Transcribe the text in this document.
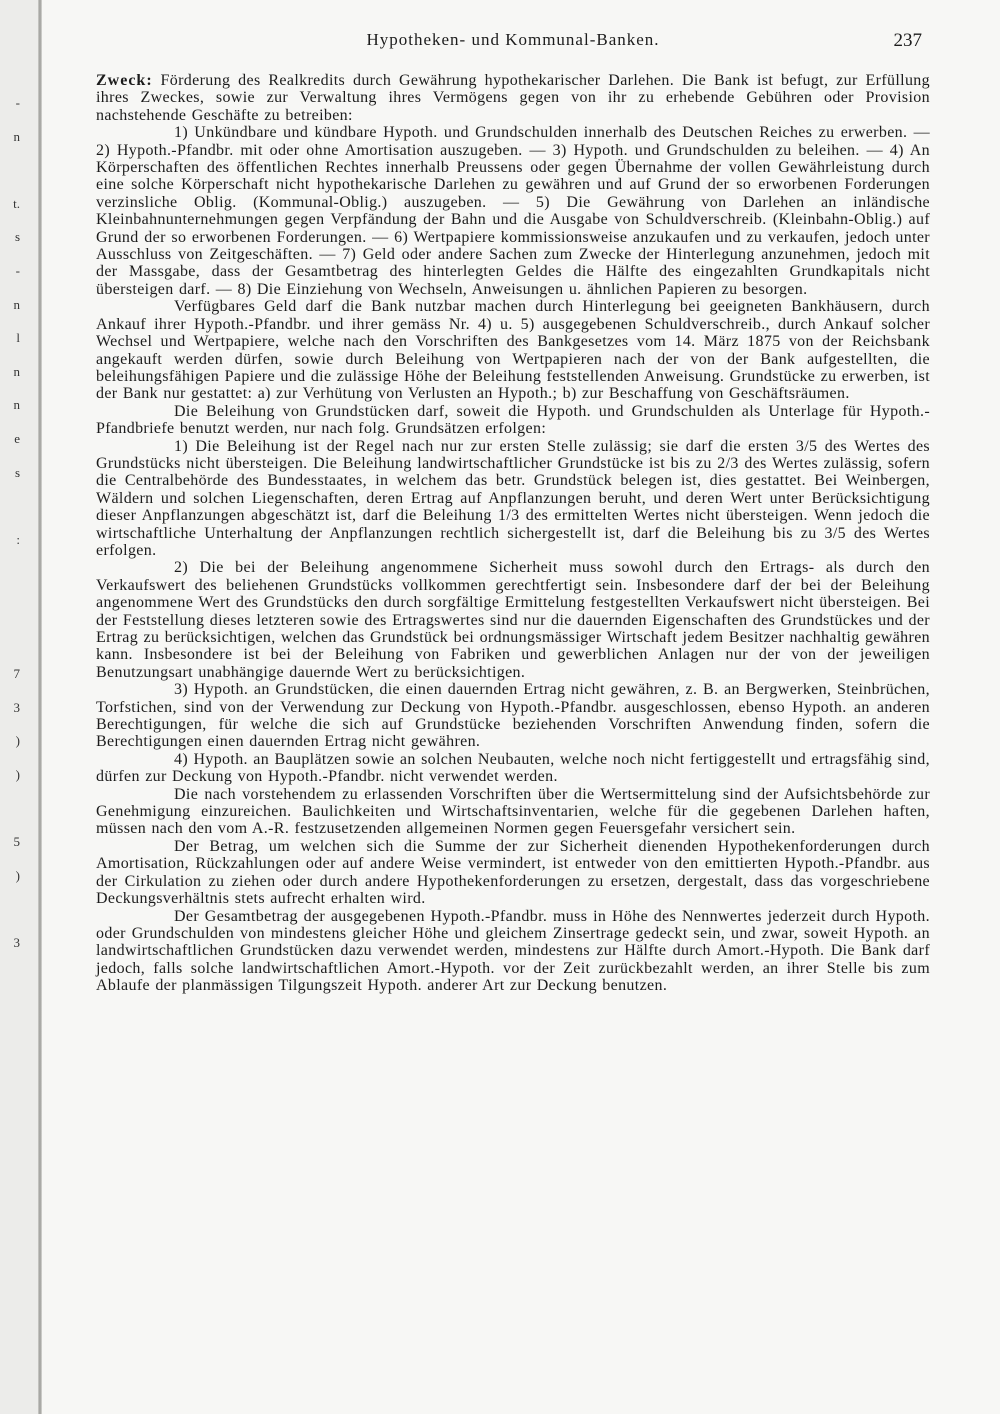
-
n
t.
s
-
n
l
n
n
e
s
:
7
3
)
)
5
)
3
Hypotheken- und Kommunal-Banken.	237

Zweck: Förderung des Realkredits durch Gewährung hypothekarischer Darlehen. Die Bank ist befugt, zur Erfüllung ihres Zweckes, sowie zur Verwaltung ihres Vermögens gegen von ihr zu erhebende Gebühren oder Provision nachstehende Geschäfte zu betreiben:

1) Unkündbare und kündbare Hypoth. und Grundschulden innerhalb des Deutschen Reiches zu erwerben. — 2) Hypoth.-Pfandbr. mit oder ohne Amortisation auszugeben. — 3) Hypoth. und Grundschulden zu beleihen. — 4) An Körperschaften des öffentlichen Rechtes innerhalb Preussens oder gegen Übernahme der vollen Gewährleistung durch eine solche Körperschaft nicht hypothekarische Darlehen zu gewähren und auf Grund der so erworbenen Forderungen verzinsliche Oblig. (Kommunal-Oblig.) auszugeben. — 5) Die Gewährung von Darlehen an inländische Kleinbahnunternehmungen gegen Verpfändung der Bahn und die Ausgabe von Schuldverschreib. (Kleinbahn-Oblig.) auf Grund der so erworbenen Forderungen. — 6) Wertpapiere kommissionsweise anzukaufen und zu verkaufen, jedoch unter Ausschluss von Zeitgeschäften. — 7) Geld oder andere Sachen zum Zwecke der Hinterlegung anzunehmen, jedoch mit der Massgabe, dass der Gesamtbetrag des hinterlegten Geldes die Hälfte des eingezahlten Grundkapitals nicht übersteigen darf. — 8) Die Einziehung von Wechseln, Anweisungen u. ähnlichen Papieren zu besorgen.

Verfügbares Geld darf die Bank nutzbar machen durch Hinterlegung bei geeigneten Bankhäusern, durch Ankauf ihrer Hypoth.-Pfandbr. und ihrer gemäss Nr. 4) u. 5) ausgegebenen Schuldverschreib., durch Ankauf solcher Wechsel und Wertpapiere, welche nach den Vorschriften des Bankgesetzes vom 14. März 1875 von der Reichsbank angekauft werden dürfen, sowie durch Beleihung von Wertpapieren nach der von der Bank aufgestellten, die beleihungsfähigen Papiere und die zulässige Höhe der Beleihung feststellenden Anweisung. Grundstücke zu erwerben, ist der Bank nur gestattet: a) zur Verhütung von Verlusten an Hypoth.; b) zur Beschaffung von Geschäftsräumen.

Die Beleihung von Grundstücken darf, soweit die Hypoth. und Grundschulden als Unterlage für Hypoth.-Pfandbriefe benutzt werden, nur nach folg. Grundsätzen erfolgen:

1) Die Beleihung ist der Regel nach nur zur ersten Stelle zulässig; sie darf die ersten 3/5 des Wertes des Grundstücks nicht übersteigen. Die Beleihung landwirtschaftlicher Grundstücke ist bis zu 2/3 des Wertes zulässig, sofern die Centralbehörde des Bundesstaates, in welchem das betr. Grundstück belegen ist, dies gestattet. Bei Weinbergen, Wäldern und solchen Liegenschaften, deren Ertrag auf Anpflanzungen beruht, und deren Wert unter Berücksichtigung dieser Anpflanzungen abgeschätzt ist, darf die Beleihung 1/3 des ermittelten Wertes nicht übersteigen. Wenn jedoch die wirtschaftliche Unterhaltung der Anpflanzungen rechtlich sichergestellt ist, darf die Beleihung bis zu 3/5 des Wertes erfolgen.

2) Die bei der Beleihung angenommene Sicherheit muss sowohl durch den Ertrags- als durch den Verkaufswert des beliehenen Grundstücks vollkommen gerechtfertigt sein. Insbesondere darf der bei der Beleihung angenommene Wert des Grundstücks den durch sorgfältige Ermittelung festgestellten Verkaufswert nicht übersteigen. Bei der Feststellung dieses letzteren sowie des Ertragswertes sind nur die dauernden Eigenschaften des Grundstückes und der Ertrag zu berücksichtigen, welchen das Grundstück bei ordnungsmässiger Wirtschaft jedem Besitzer nachhaltig gewähren kann. Insbesondere ist bei der Beleihung von Fabriken und gewerblichen Anlagen nur der von der jeweiligen Benutzungsart unabhängige dauernde Wert zu berücksichtigen.

3) Hypoth. an Grundstücken, die einen dauernden Ertrag nicht gewähren, z. B. an Bergwerken, Steinbrüchen, Torfstichen, sind von der Verwendung zur Deckung von Hypoth.-Pfandbr. ausgeschlossen, ebenso Hypoth. an anderen Berechtigungen, für welche die sich auf Grundstücke beziehenden Vorschriften Anwendung finden, sofern die Berechtigungen einen dauernden Ertrag nicht gewähren.

4) Hypoth. an Bauplätzen sowie an solchen Neubauten, welche noch nicht fertiggestellt und ertragsfähig sind, dürfen zur Deckung von Hypoth.-Pfandbr. nicht verwendet werden.

Die nach vorstehendem zu erlassenden Vorschriften über die Wertsermittelung sind der Aufsichtsbehörde zur Genehmigung einzureichen. Baulichkeiten und Wirtschaftsinventarien, welche für die gegebenen Darlehen haften, müssen nach den vom A.-R. festzusetzenden allgemeinen Normen gegen Feuersgefahr versichert sein.

Der Betrag, um welchen sich die Summe der zur Sicherheit dienenden Hypothekenforderungen durch Amortisation, Rückzahlungen oder auf andere Weise vermindert, ist entweder von den emittierten Hypoth.-Pfandbr. aus der Cirkulation zu ziehen oder durch andere Hypothekenforderungen zu ersetzen, dergestalt, dass das vorgeschriebene Deckungsverhältnis stets aufrecht erhalten wird.

Der Gesamtbetrag der ausgegebenen Hypoth.-Pfandbr. muss in Höhe des Nennwertes jederzeit durch Hypoth. oder Grundschulden von mindestens gleicher Höhe und gleichem Zinsertrage gedeckt sein, und zwar, soweit Hypoth. an landwirtschaftlichen Grundstücken dazu verwendet werden, mindestens zur Hälfte durch Amort.-Hypoth. Die Bank darf jedoch, falls solche landwirtschaftlichen Amort.-Hypoth. vor der Zeit zurückbezahlt werden, an ihrer Stelle bis zum Ablaufe der planmässigen Tilgungszeit Hypoth. anderer Art zur Deckung benutzen.
